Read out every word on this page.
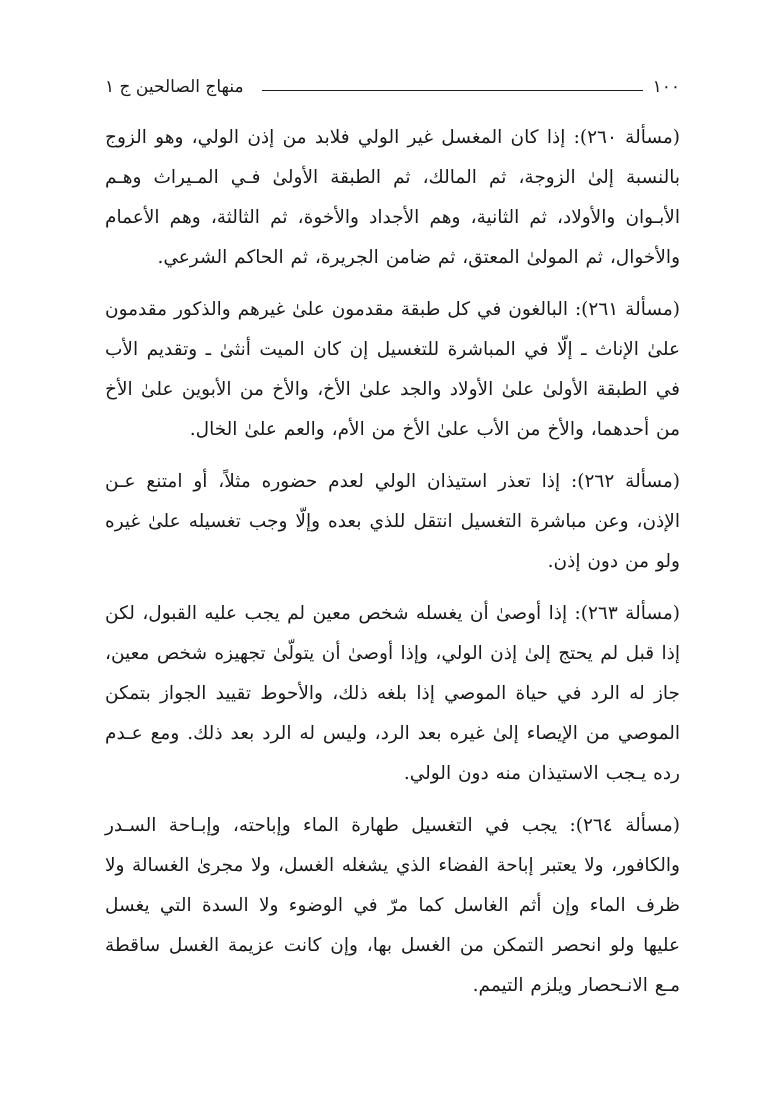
١٠٠
منهاج الصالحين ج ١

(مسألة ٢٦٠): إذا كان المغسل غير الولي فلابد من إذن الولي، وهو الزوج بالنسبة إلىٰ الزوجة، ثم المالك، ثم الطبقة الأولىٰ فـي المـيراث وهـم الأبـوان والأولاد، ثم الثانية، وهم الأجداد والأخوة، ثم الثالثة، وهم الأعمام والأخوال، ثم المولىٰ المعتق، ثم ضامن الجريرة، ثم الحاكم الشرعي.

(مسألة ٢٦١): البالغون في كل طبقة مقدمون علىٰ غيرهم والذكور مقدمون علىٰ الإناث ـ إلّا في المباشرة للتغسيل إن كان الميت أنثىٰ ـ وتقديم الأب في الطبقة الأولىٰ علىٰ الأولاد والجد علىٰ الأخ، والأخ من الأبوين علىٰ الأخ من أحدهما، والأخ من الأب علىٰ الأخ من الأم، والعم علىٰ الخال.

(مسألة ٢٦٢): إذا تعذر استيذان الولي لعدم حضوره مثلاً، أو امتنع عـن الإذن، وعن مباشرة التغسيل انتقل للذي بعده وإلّا وجب تغسيله علىٰ غيره ولو من دون إذن.

(مسألة ٢٦٣): إذا أوصىٰ أن يغسله شخص معين لم يجب عليه القبول، لكن إذا قبل لم يحتج إلىٰ إذن الولي، وإذا أوصىٰ أن يتولّىٰ تجهيزه شخص معين، جاز له الرد في حياة الموصي إذا بلغه ذلك، والأحوط تقييد الجواز بتمكن الموصي من الإيصاء إلىٰ غيره بعد الرد، وليس له الرد بعد ذلك. ومع عـدم رده يـجب الاستيذان منه دون الولي.

(مسألة ٢٦٤): يجب في التغسيل طهارة الماء وإباحته، وإبـاحة السـدر والكافور، ولا يعتبر إباحة الفضاء الذي يشغله الغسل، ولا مجرىٰ الغسالة ولا ظرف الماء وإن أثم الغاسل كما مرّ في الوضوء ولا السدة التي يغسل عليها ولو انحصر التمكن من الغسل بها، وإن كانت عزيمة الغسل ساقطة مـع الانـحصار ويلزم التيمم.
